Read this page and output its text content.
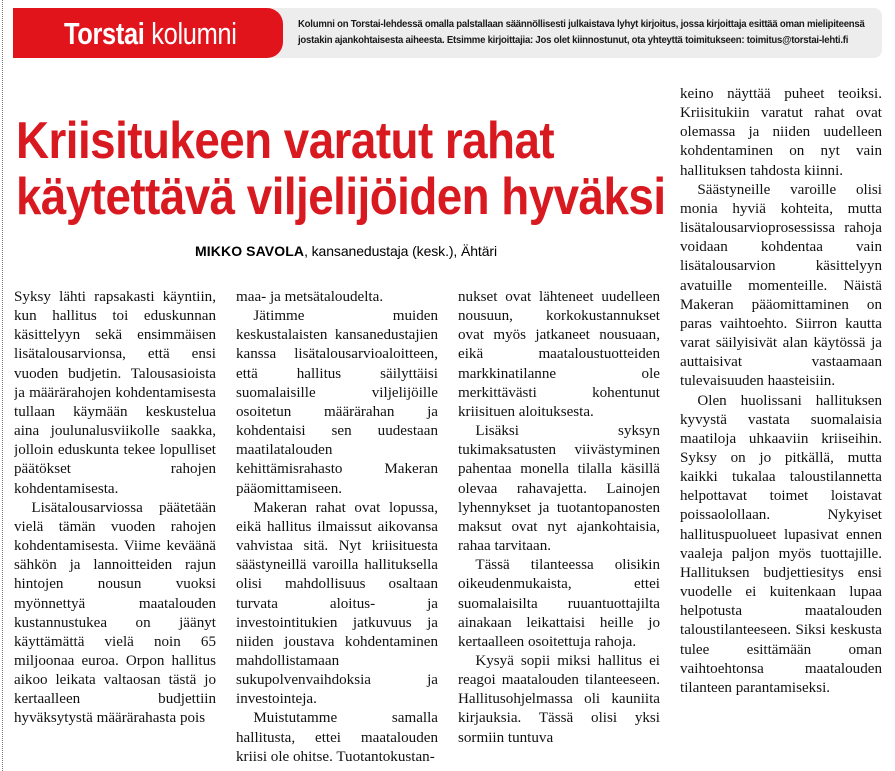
Torstai kolumni	Kolumni on Torstai-lehdessä omalla palstallaan säännöllisesti julkaistava lyhyt kirjoitus, jossa kirjoittaja esittää oman mielipiteensä
jostakin ajankohtaisesta aiheesta. Etsimme kirjoittajia: Jos olet kiinnostunut, ota yhteyttä toimitukseen: toimitus@torstai-lehti.fi
Kriisitukeen varatut rahat
käytettävä viljelijöiden hyväksi
MIKKO SAVOLA, kansanedustaja (kesk.), Ähtäri

Syksy lähti rapsakasti käyntiin, kun hallitus toi eduskunnan käsittelyyn sekä ensimmäisen lisätalousarvionsa, että ensi vuoden budjetin. Talousasioista ja määrärahojen kohdentamisesta tullaan käymään keskustelua aina joulunalusviikolle saakka, jolloin eduskunta tekee lopulliset päätökset rahojen kohdentamisesta.

Lisätalousarviossa päätetään vielä tämän vuoden rahojen kohdentamisesta. Viime keväänä sähkön ja lannoitteiden rajun hintojen nousun vuoksi myönnettyä maatalouden kustannustukea on jäänyt käyttämättä vielä noin 65 miljoonaa euroa. Orpon hallitus aikoo leikata valtaosan tästä jo kertaalleen budjettiin hyväksytystä määrärahasta pois

maa- ja metsätaloudelta.

Jätimme muiden keskustalaisten kansanedustajien kanssa lisätalousarvioaloitteen, että hallitus säilyttäisi suomalaisille viljelijöille osoitetun määrärahan ja kohdentaisi sen uudestaan maatilatalouden kehittämisrahasto Makeran pääomittamiseen.

Makeran rahat ovat lopussa, eikä hallitus ilmaissut aikovansa vahvistaa sitä. Nyt kriisituesta säästyneillä varoilla hallituksella olisi mahdollisuus osaltaan turvata aloitus- ja investointitukien jatkuvuus ja niiden joustava kohdentaminen mahdollistamaan sukupolvenvaihdoksia ja investointeja.

Muistutamme samalla hallitusta, ettei maatalouden kriisi ole ohitse. Tuotantokustan-

nukset ovat lähteneet uudelleen nousuun, korkokustannukset ovat myös jatkaneet nousuaan, eikä maataloustuotteiden markkinatilanne ole merkittävästi kohentunut kriisituen aloituksesta.

Lisäksi syksyn tukimaksatusten viivästyminen pahentaa monella tilalla käsillä olevaa rahavajetta. Lainojen lyhennykset ja tuotantopanosten maksut ovat nyt ajankohtaisia, rahaa tarvitaan.

Tässä tilanteessa olisikin oikeudenmukaista, ettei suomalaisilta ruuantuottajilta ainakaan leikattaisi heille jo kertaalleen osoitettuja rahoja.

Kysyä sopii miksi hallitus ei reagoi maatalouden tilanteeseen. Hallitusohjelmassa oli kauniita kirjauksia. Tässä olisi yksi sormiin tuntuva

keino näyttää puheet teoiksi. Kriisitukiin varatut rahat ovat olemassa ja niiden uudelleen kohdentaminen on nyt vain hallituksen tahdosta kiinni.

Säästyneille varoille olisi monia hyviä kohteita, mutta lisätalousarvioprosessissa rahoja voidaan kohdentaa vain lisätalousarvion käsittelyyn avatuille momenteille. Näistä Makeran pääomittaminen on paras vaihtoehto. Siirron kautta varat säilyisivät alan käytössä ja auttaisivat vastaamaan tulevaisuuden haasteisiin.

Olen huolissani hallituksen kyvystä vastata suomalaisia maatiloja uhkaaviin kriiseihin. Syksy on jo pitkällä, mutta kaikki tukalaa taloustilannetta helpottavat toimet loistavat poissaolollaan. Nykyiset hallituspuolueet lupasivat ennen vaaleja paljon myös tuottajille. Hallituksen budjettiesitys ensi vuodelle ei kuitenkaan lupaa helpotusta maatalouden taloustilanteeseen. Siksi keskusta tulee esittämään oman vaihtoehtonsa maatalouden tilanteen parantamiseksi.
